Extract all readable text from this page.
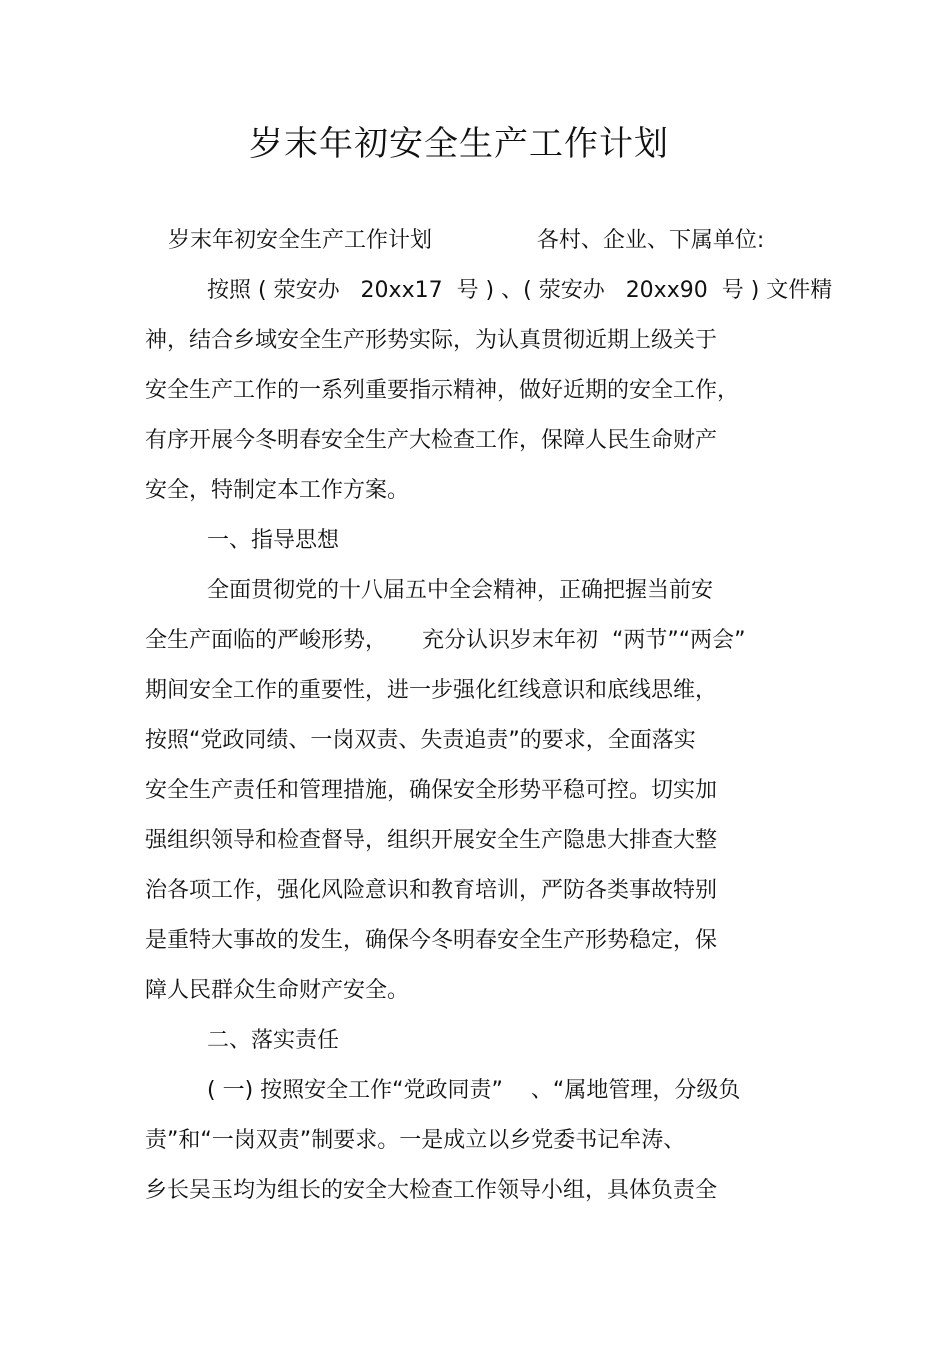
岁末年初安全生产工作计划
岁末年初安全生产工作计划               各村、企业、下属单位:
按照 ( 荥安办   20xx17  号 ) 、( 荥安办   20xx90  号 ) 文件精
神，结合乡域安全生产形势实际，为认真贯彻近期上级关于
安全生产工作的一系列重要指示精神，做好近期的安全工作，
有序开展今冬明春安全生产大检查工作，保障人民生命财产
安全，特制定本工作方案。
一、指导思想
全面贯彻党的十八届五中全会精神，正确把握当前安
全生产面临的严峻形势，     充分认识岁末年初  “两节”“两会”
期间安全工作的重要性，进一步强化红线意识和底线思维，
按照“党政同绩、一岗双责、失责追责”的要求，全面落实
安全生产责任和管理措施，确保安全形势平稳可控。切实加
强组织领导和检查督导，组织开展安全生产隐患大排查大整
治各项工作，强化风险意识和教育培训，严防各类事故特别
是重特大事故的发生，确保今冬明春安全生产形势稳定，保
障人民群众生命财产安全。
二、落实责任
( 一) 按照安全工作“党政同责”    、“属地管理，分级负
责”和“一岗双责”制要求。一是成立以乡党委书记牟涛、
乡长吴玉均为组长的安全大检查工作领导小组，具体负责全
